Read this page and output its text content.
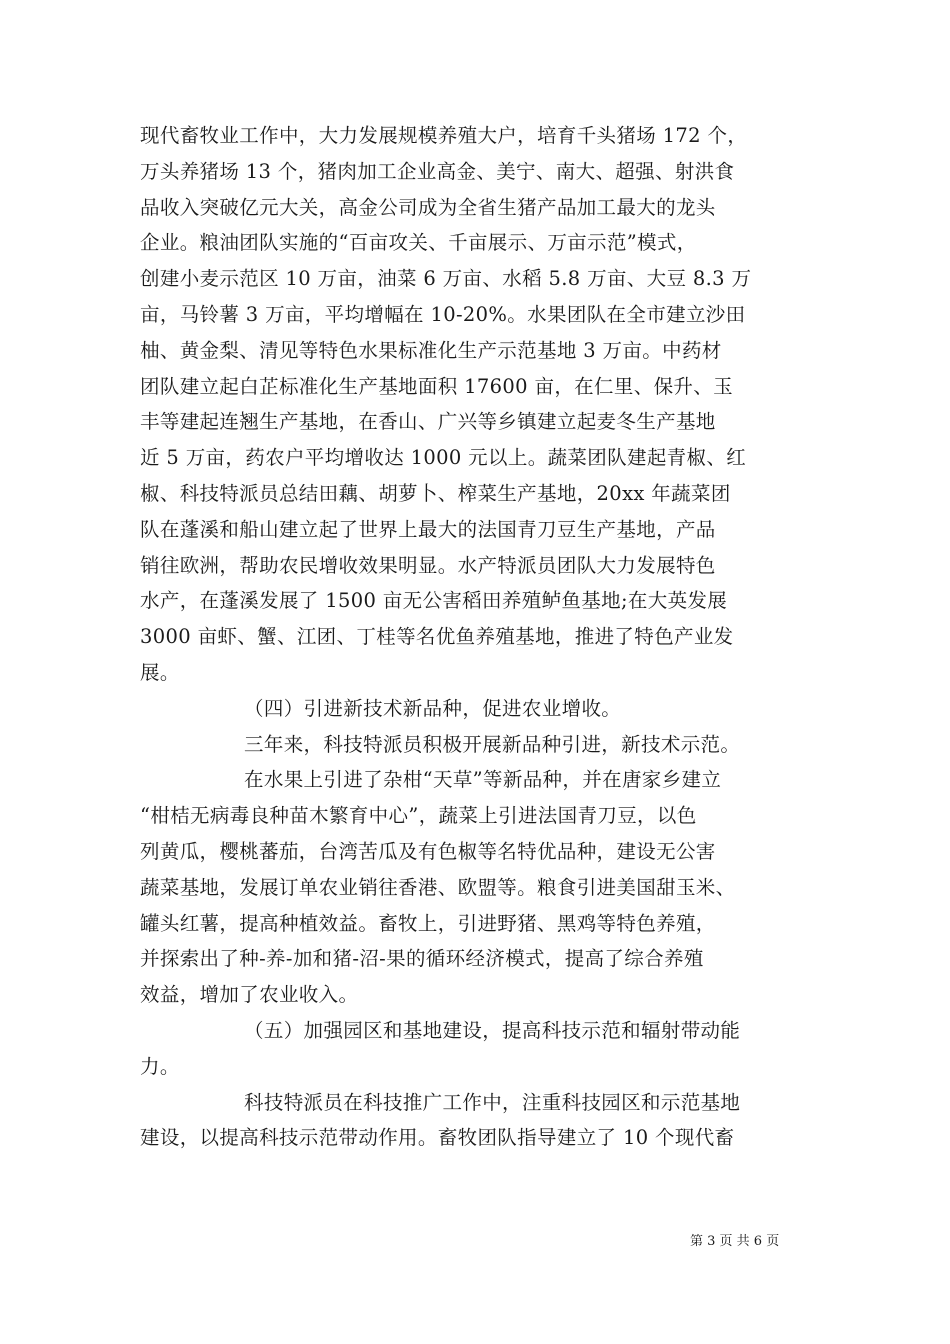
现代畜牧业工作中，大力发展规模养殖大户，培育千头猪场 172 个，
万头养猪场 13 个，猪肉加工企业高金、美宁、南大、超强、射洪食
品收入突破亿元大关，高金公司成为全省生猪产品加工最大的龙头
企业。粮油团队实施的“百亩攻关、千亩展示、万亩示范”模式，
创建小麦示范区 10 万亩，油菜 6 万亩、水稻 5.8 万亩、大豆 8.3 万
亩，马铃薯 3 万亩，平均增幅在 10-20%。水果团队在全市建立沙田
柚、黄金梨、清见等特色水果标准化生产示范基地 3 万亩。中药材
团队建立起白芷标准化生产基地面积 17600 亩，在仁里、保升、玉
丰等建起连翘生产基地，在香山、广兴等乡镇建立起麦冬生产基地
近 5 万亩，药农户平均增收达 1000 元以上。蔬菜团队建起青椒、红
椒、科技特派员总结田藕、胡萝卜、榨菜生产基地，20xx 年蔬菜团
队在蓬溪和船山建立起了世界上最大的法国青刀豆生产基地，产品
销往欧洲，帮助农民增收效果明显。水产特派员团队大力发展特色
水产，在蓬溪发展了 1500 亩无公害稻田养殖鲈鱼基地;在大英发展
3000 亩虾、蟹、江团、丁桂等名优鱼养殖基地，推进了特色产业发
展。
（四）引进新技术新品种，促进农业增收。
三年来，科技特派员积极开展新品种引进，新技术示范。
在水果上引进了杂柑“天草”等新品种，并在唐家乡建立
“柑桔无病毒良种苗木繁育中心”，蔬菜上引进法国青刀豆，以色
列黄瓜，樱桃蕃茄，台湾苦瓜及有色椒等名特优品种，建设无公害
蔬菜基地，发展订单农业销往香港、欧盟等。粮食引进美国甜玉米、
罐头红薯，提高种植效益。畜牧上，引进野猪、黑鸡等特色养殖，
并探索出了种-养-加和猪-沼-果的循环经济模式，提高了综合养殖
效益，增加了农业收入。
（五）加强园区和基地建设，提高科技示范和辐射带动能
力。
科技特派员在科技推广工作中，注重科技园区和示范基地
建设，以提高科技示范带动作用。畜牧团队指导建立了 10 个现代畜
第 3 页 共 6 页
